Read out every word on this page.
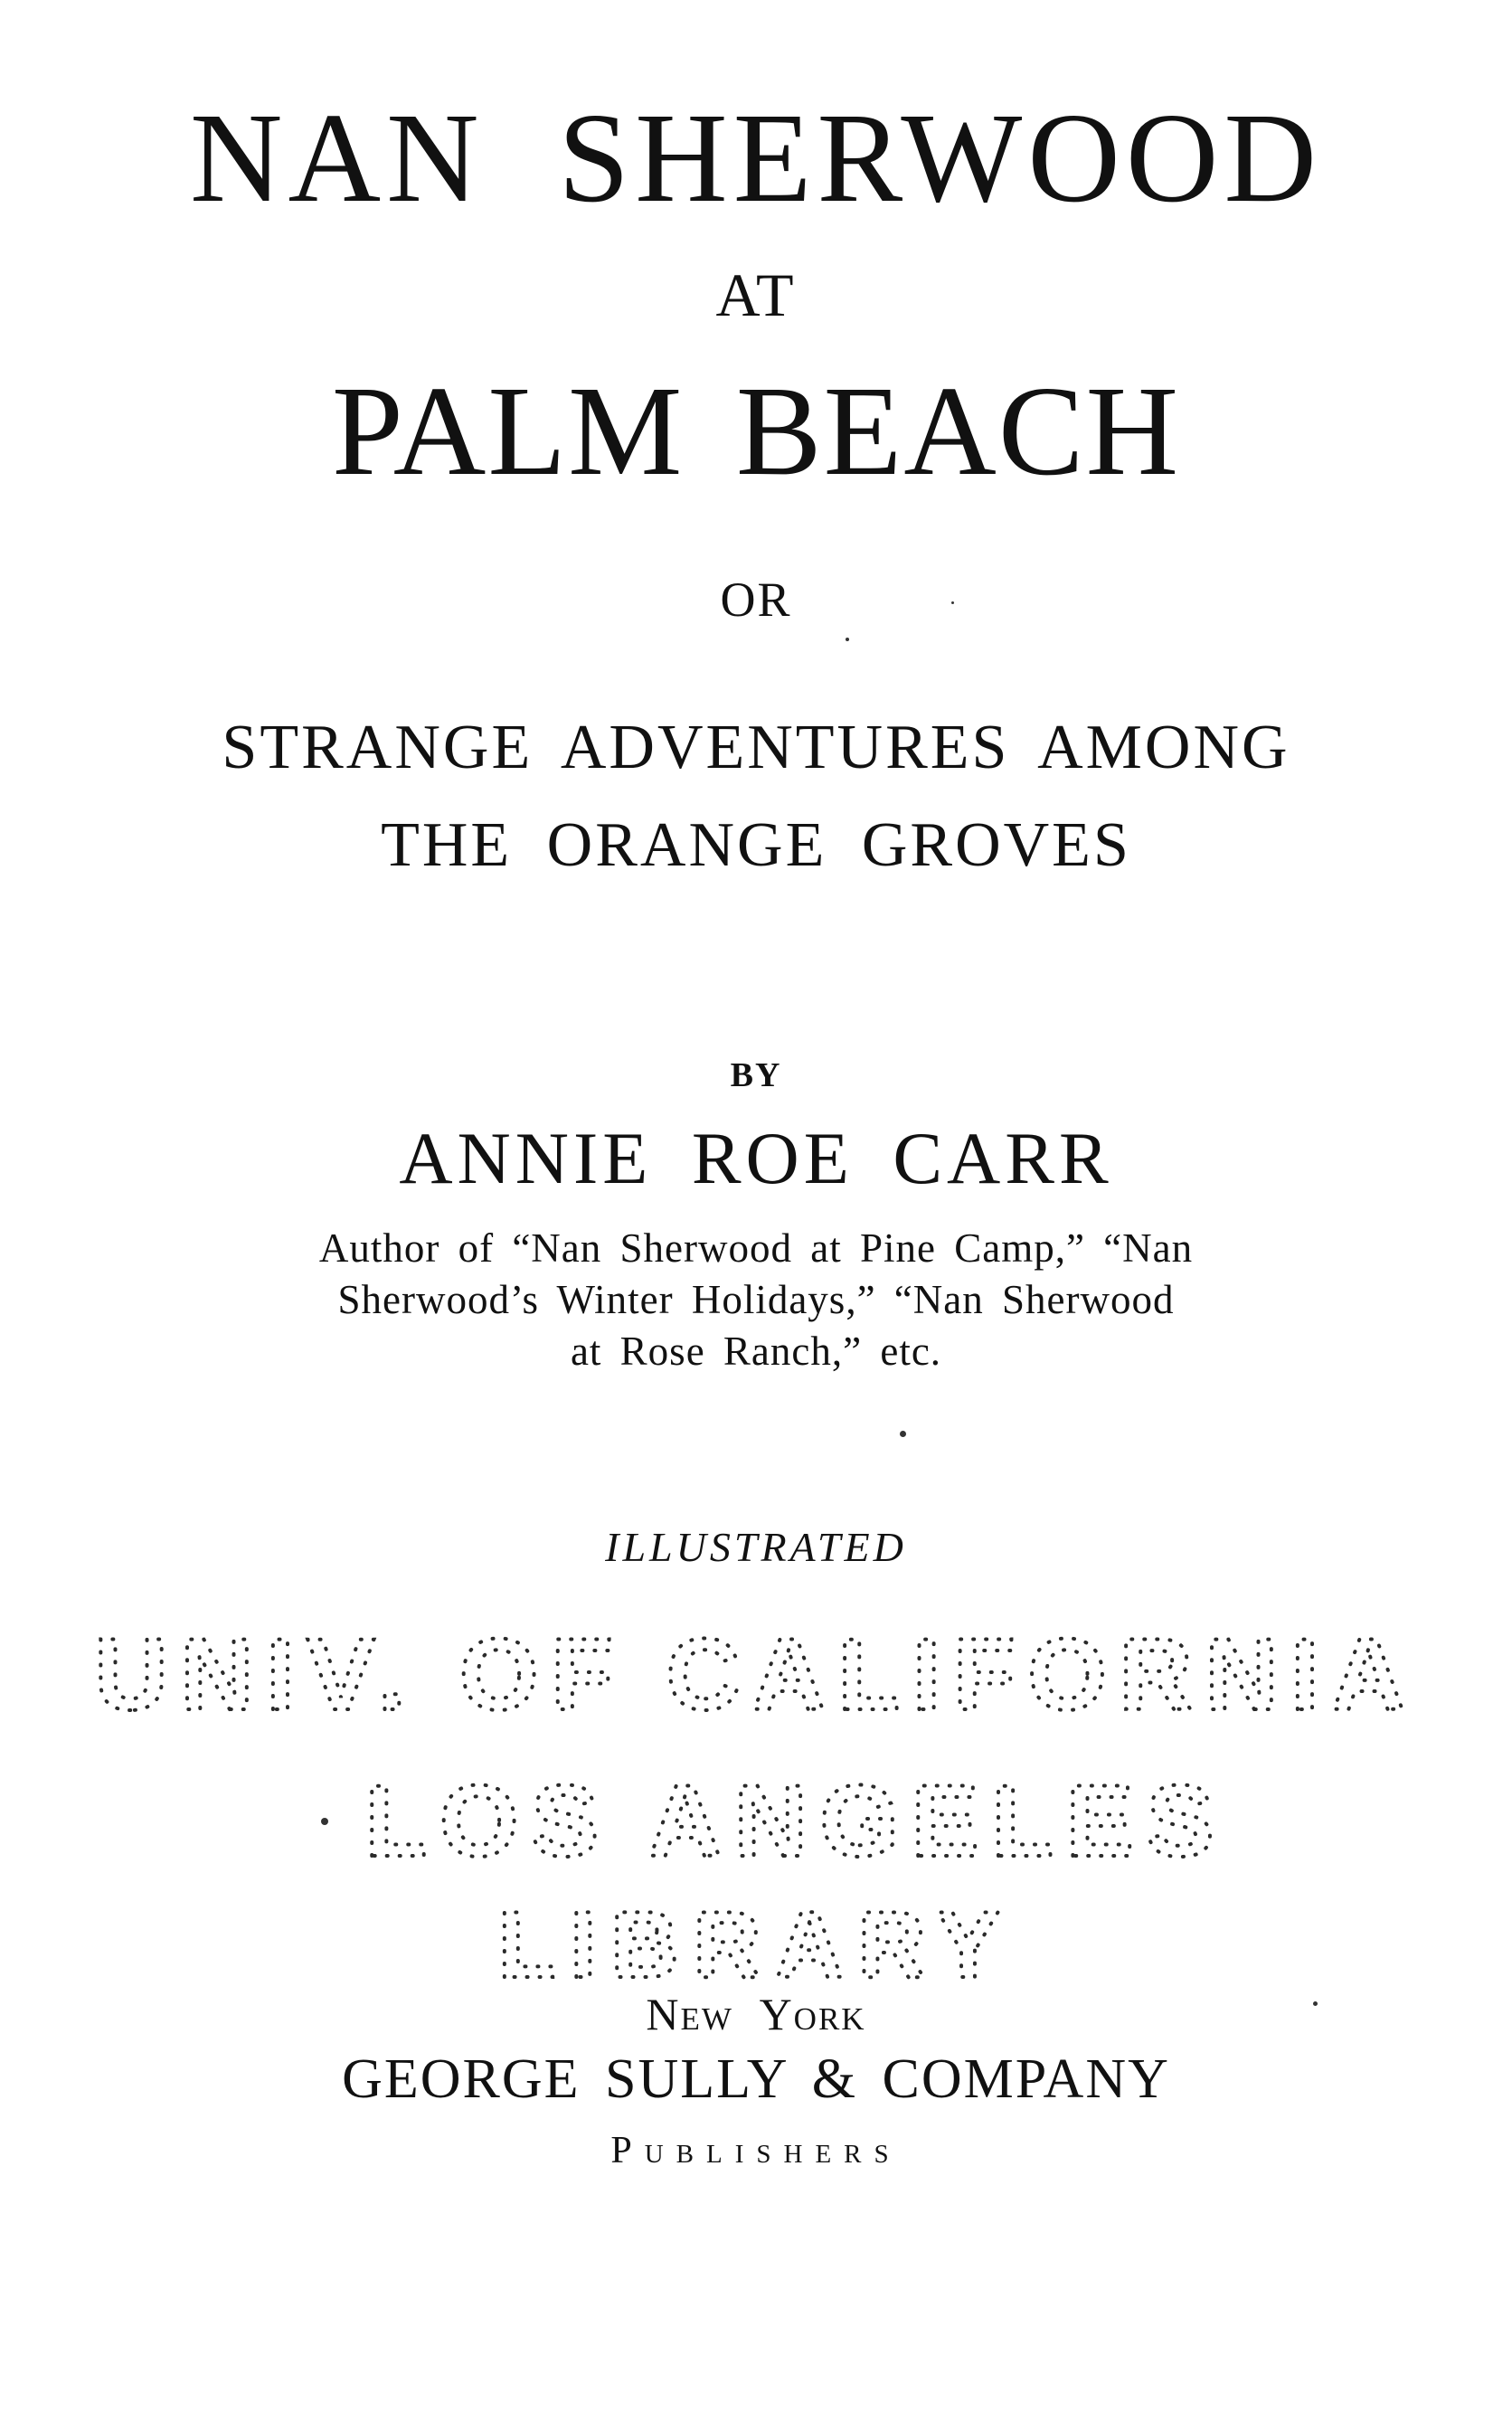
NAN SHERWOOD
AT
PALM BEACH
OR
STRANGE ADVENTURES AMONG
THE ORANGE GROVES
BY
ANNIE ROE CARR
Author of “Nan Sherwood at Pine Camp,” “Nan
Sherwood’s Winter Holidays,” “Nan Sherwood
at Rose Ranch,” etc.
ILLUSTRATED
UNIV. OF CALIFORNIA
LOS ANGELES
LIBRARY
New York
GEORGE SULLY & COMPANY
Publishers
